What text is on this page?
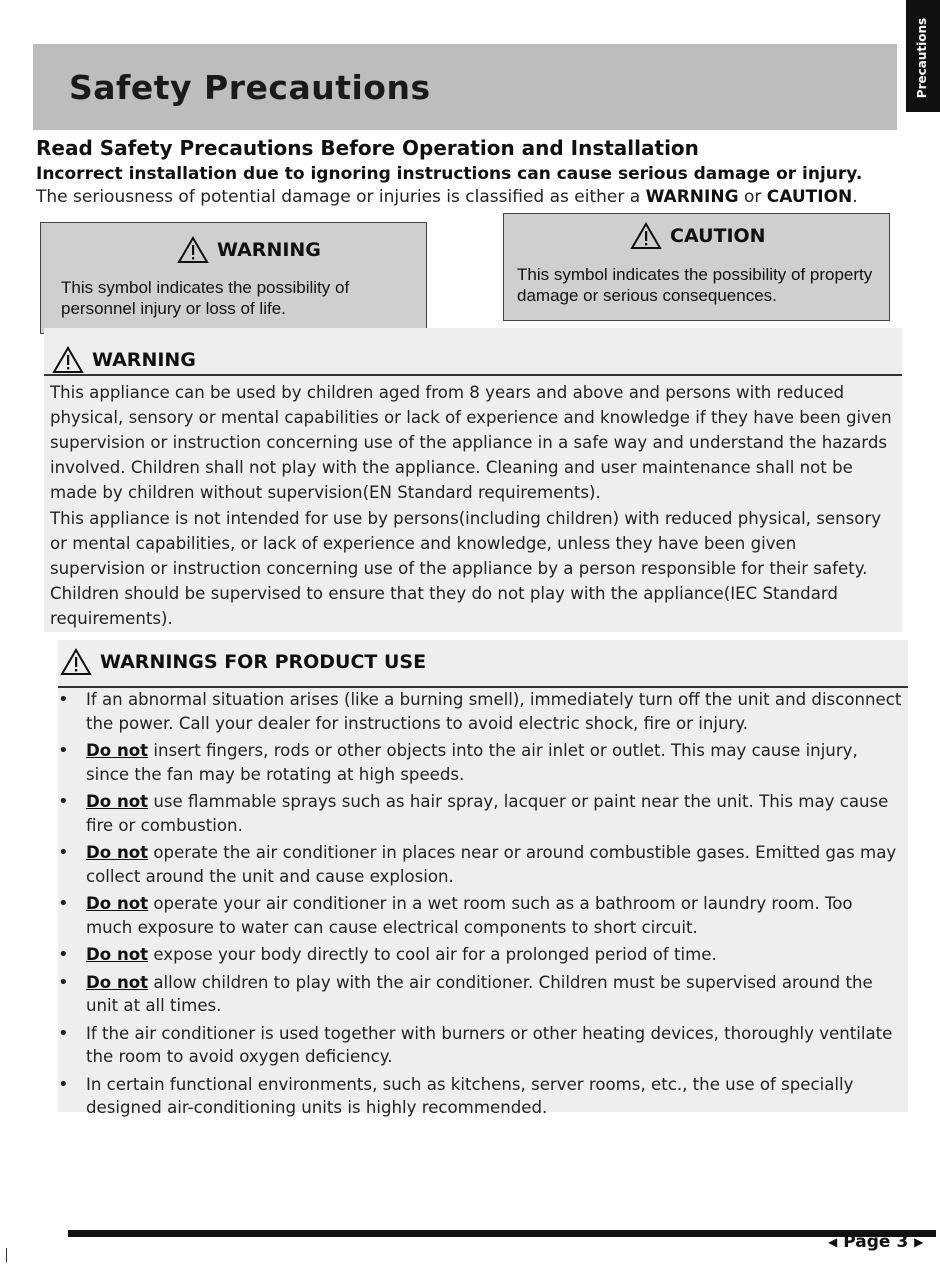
Precautions
Safety Precautions
Read Safety Precautions Before Operation and Installation
Incorrect installation due to ignoring instructions can cause serious damage or injury.
The seriousness of potential damage or injuries is classified as either a WARNING or CAUTION.
WARNING

This symbol indicates the possibility of personnel injury or loss of life.

CAUTION

This symbol indicates the possibility of property damage or serious consequences.

WARNING

This appliance can be used by children aged from 8 years and above and persons with reduced physical, sensory or mental capabilities or lack of experience and knowledge if they have been given supervision or instruction concerning use of the appliance in a safe way and understand the hazards involved. Children shall not play with the appliance. Cleaning and user maintenance shall not be made by children without supervision(EN Standard requirements).

This appliance is not intended for use by persons(including children) with reduced physical, sensory or mental capabilities, or lack of experience and knowledge, unless they have been given supervision or instruction concerning use of the appliance by a person responsible for their safety. Children should be supervised to ensure that they do not play with the appliance(IEC Standard requirements).

WARNINGS FOR PRODUCT USE
• If an abnormal situation arises (like a burning smell), immediately turn off the unit and disconnect the power. Call your dealer for instructions to avoid electric shock, fire or injury.
• Do not insert fingers, rods or other objects into the air inlet or outlet. This may cause injury, since the fan may be rotating at high speeds.
• Do not use flammable sprays such as hair spray, lacquer or paint near the unit. This may cause fire or combustion.
• Do not operate the air conditioner in places near or around combustible gases. Emitted gas may collect around the unit and cause explosion.
• Do not operate your air conditioner in a wet room such as a bathroom or laundry room. Too much exposure to water can cause electrical components to short circuit.
• Do not expose your body directly to cool air for a prolonged period of time.
• Do not allow children to play with the air conditioner. Children must be supervised around the unit at all times.
• If the air conditioner is used together with burners or other heating devices, thoroughly ventilate the room to avoid oxygen deficiency.
• In certain functional environments, such as kitchens, server rooms, etc., the use of specially designed air-conditioning units is highly recommended.
◀ Page 3 ▶
